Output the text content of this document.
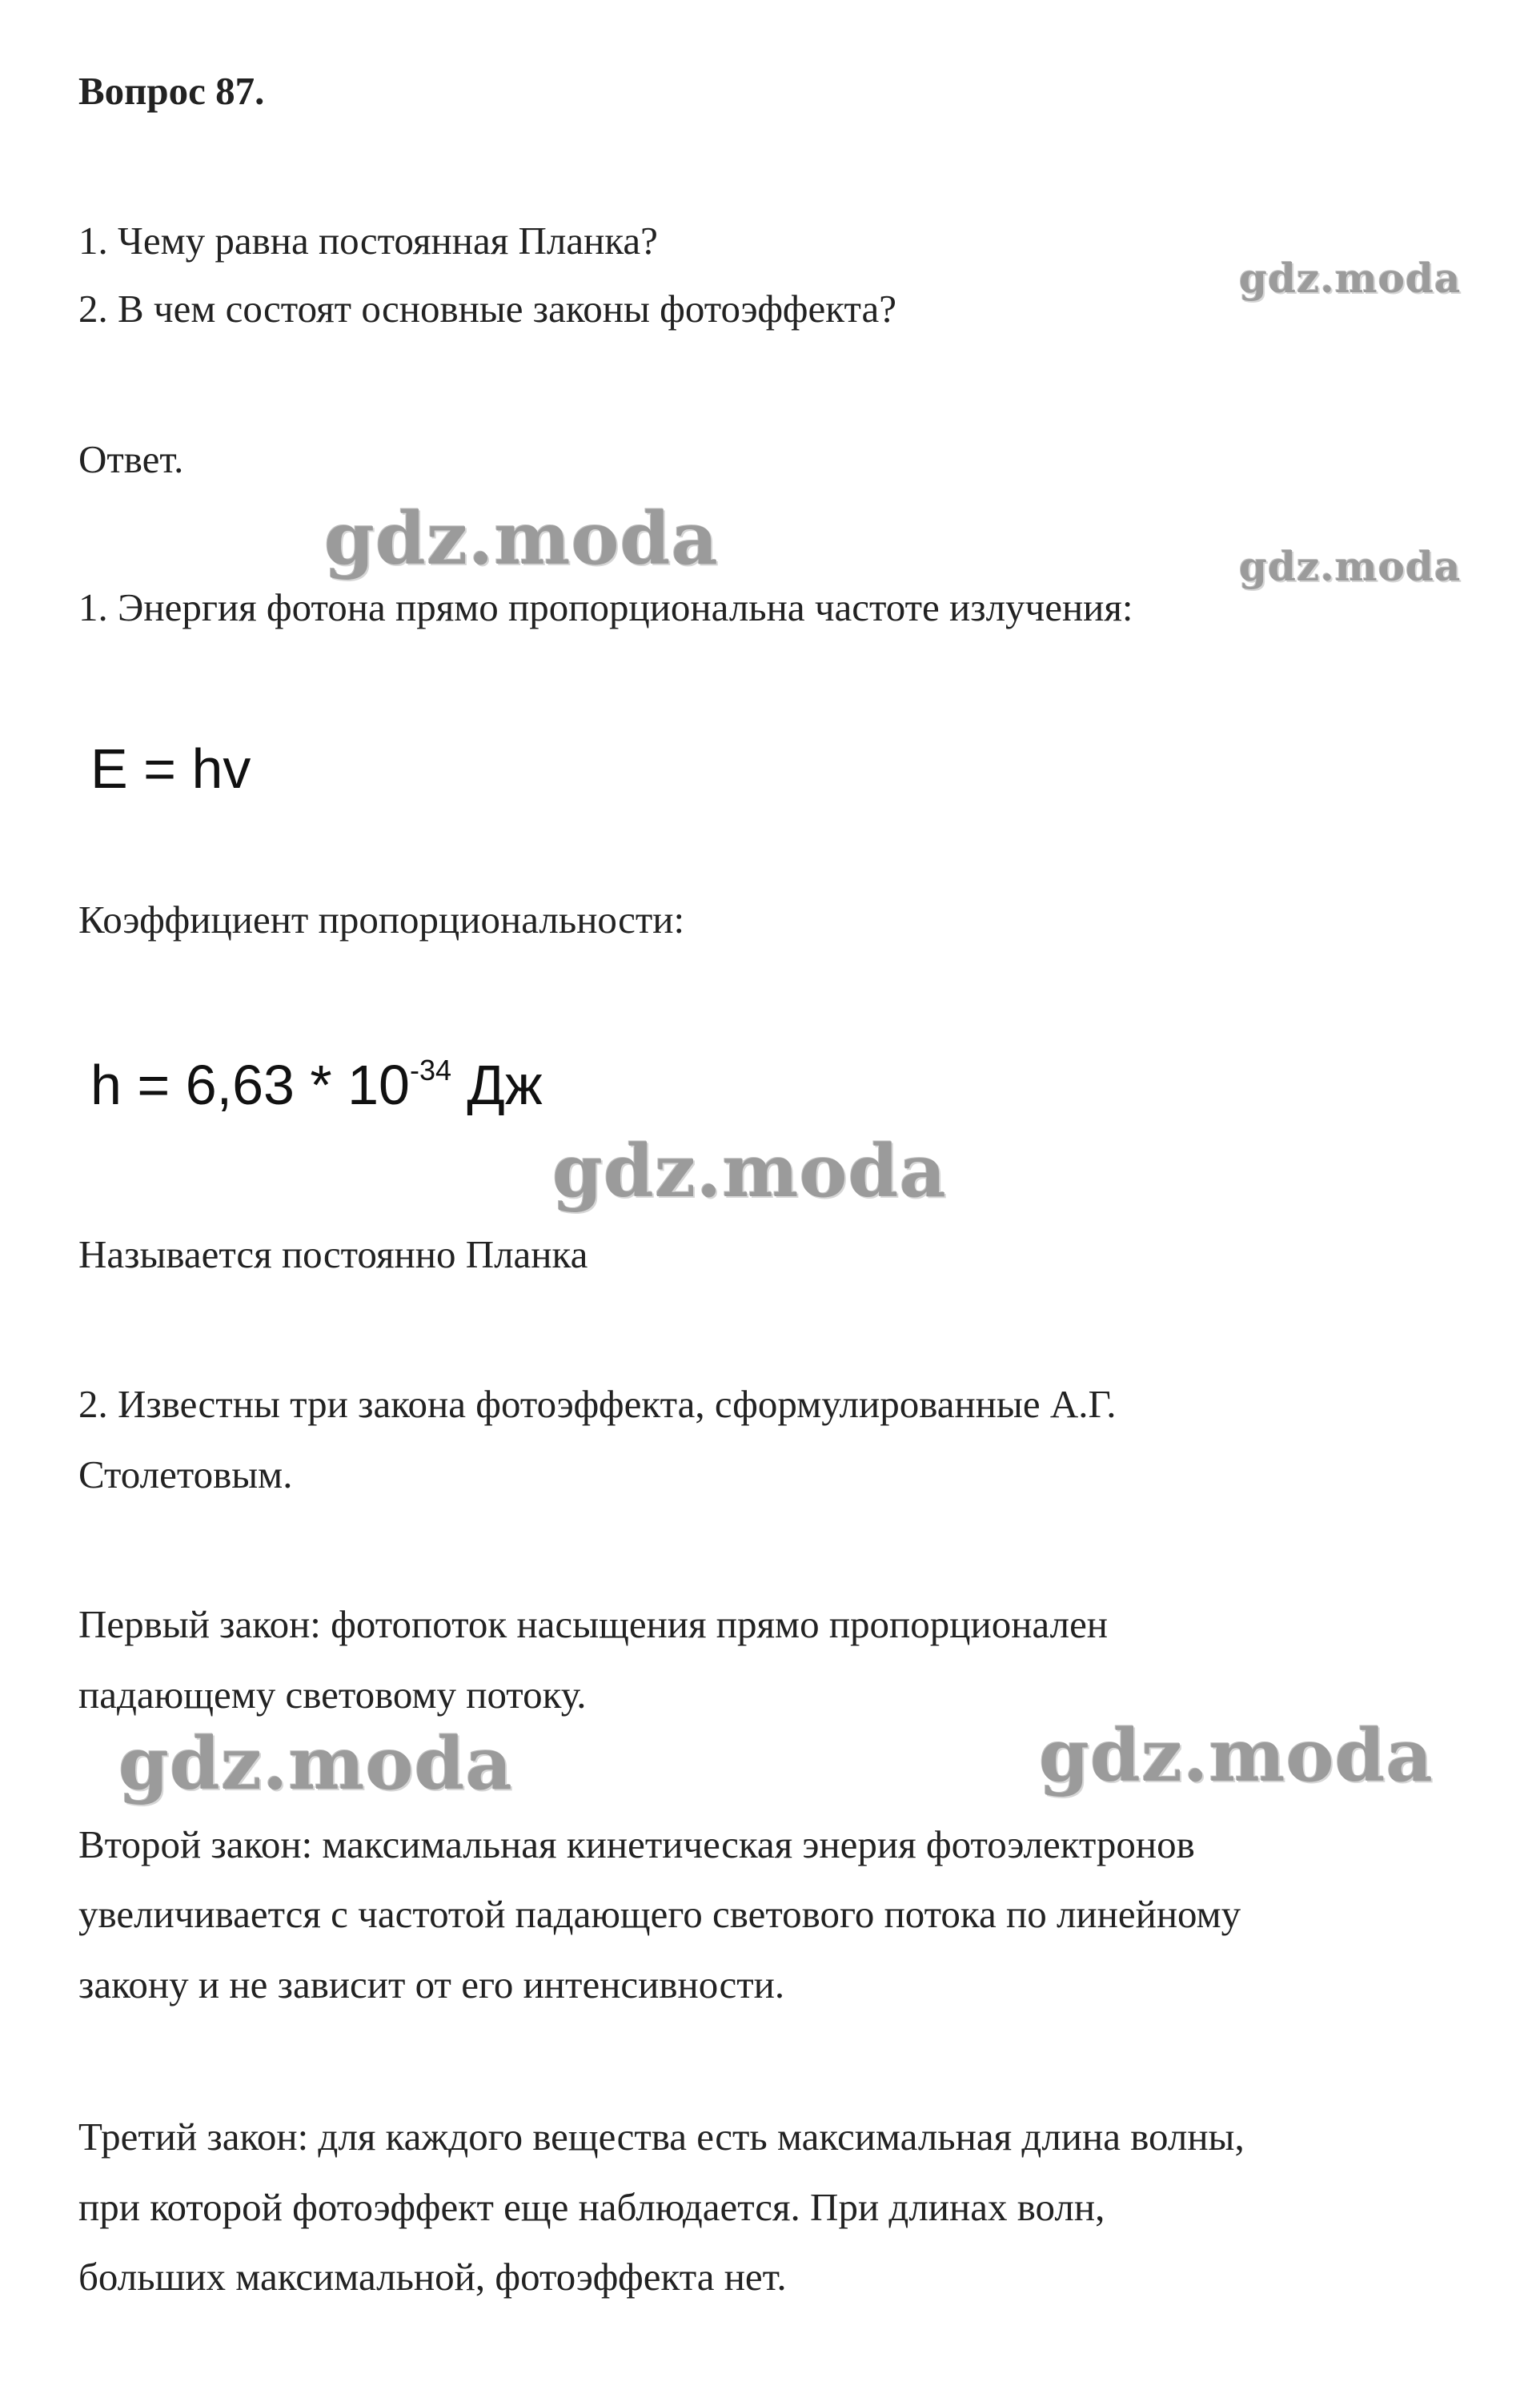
Вопрос 87.
1. Чему равна постоянная Планка?
2. В чем состоят основные законы фотоэффекта?
Ответ.
1. Энергия фотона прямо пропорциональна частоте излучения:
E = hv
Коэффициент пропорциональности:
$h = 6,63 * 10^{-34}$ Дж
Называется постоянно Планка
2. Известны три закона фотоэффекта, сформулированные А.Г.
Столетовым.
Первый закон: фотопоток насыщения прямо пропорционален
падающему световому потоку.
Второй закон: максимальная кинетическая энерия фотоэлектронов
увеличивается с частотой падающего светового потока по линейному
закону и не зависит от его интенсивности.
Третий закон: для каждого вещества есть максимальная длина волны,
при которой фотоэффект еще наблюдается. При длинах волн,
больших максимальной, фотоэффекта нет.
gdz.moda
gdz.moda	gdz.moda
gdz.moda
gdz.moda	gdz.moda
